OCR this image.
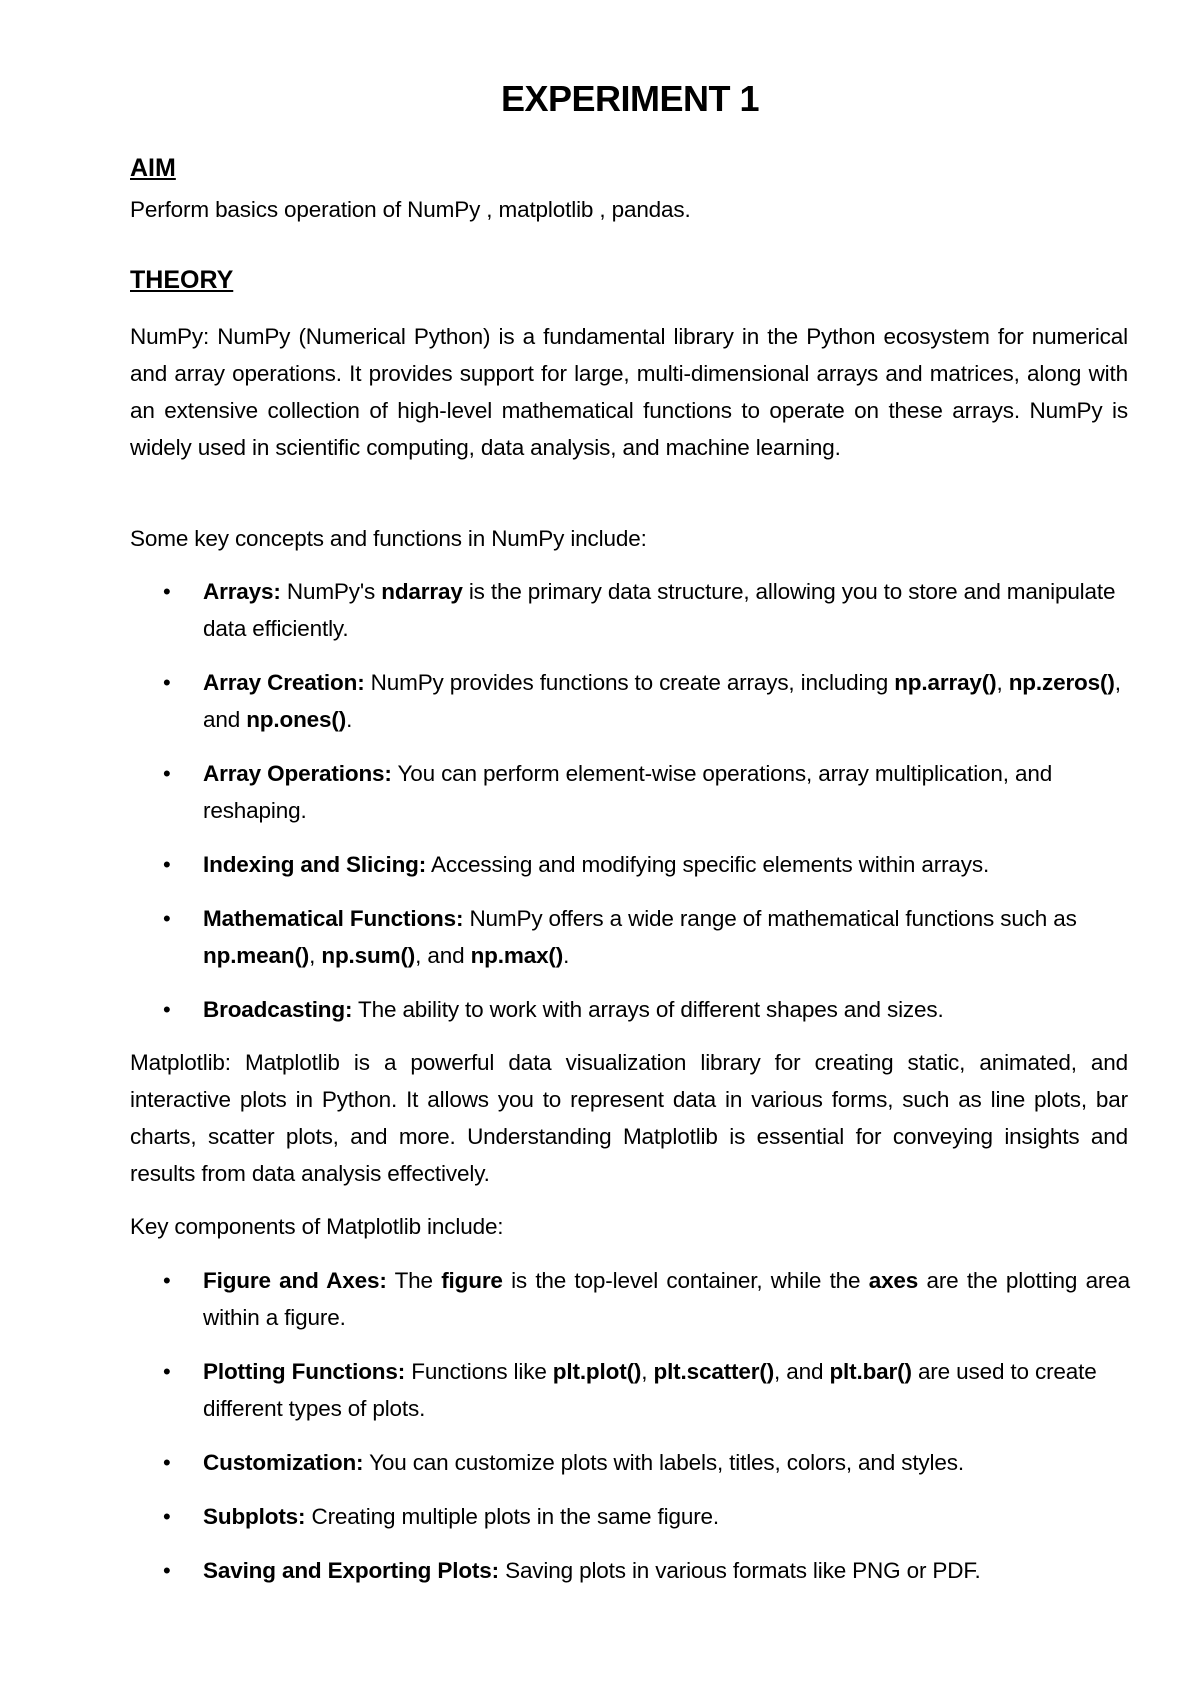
EXPERIMENT 1
AIM

Perform basics operation of NumPy , matplotlib , pandas.

THEORY

NumPy: NumPy (Numerical Python) is a fundamental library in the Python ecosystem for numerical and array operations. It provides support for large, multi-dimensional arrays and matrices, along with an extensive collection of high-level mathematical functions to operate on these arrays. NumPy is widely used in scientific computing, data analysis, and machine learning.

Some key concepts and functions in NumPy include:

• Arrays: NumPy's ndarray is the primary data structure, allowing you to store and manipulate data efficiently.
• Array Creation: NumPy provides functions to create arrays, including np.array(), np.zeros(), and np.ones().
• Array Operations: You can perform element-wise operations, array multiplication, and reshaping.
• Indexing and Slicing: Accessing and modifying specific elements within arrays.
• Mathematical Functions: NumPy offers a wide range of mathematical functions such as np.mean(), np.sum(), and np.max().
• Broadcasting: The ability to work with arrays of different shapes and sizes.

Matplotlib: Matplotlib is a powerful data visualization library for creating static, animated, and interactive plots in Python. It allows you to represent data in various forms, such as line plots, bar charts, scatter plots, and more. Understanding Matplotlib is essential for conveying insights and results from data analysis effectively.

Key components of Matplotlib include:

• Figure and Axes: The figure is the top-level container, while the axes are the plotting area within a figure.
• Plotting Functions: Functions like plt.plot(), plt.scatter(), and plt.bar() are used to create different types of plots.
• Customization: You can customize plots with labels, titles, colors, and styles.
• Subplots: Creating multiple plots in the same figure.
• Saving and Exporting Plots: Saving plots in various formats like PNG or PDF.
